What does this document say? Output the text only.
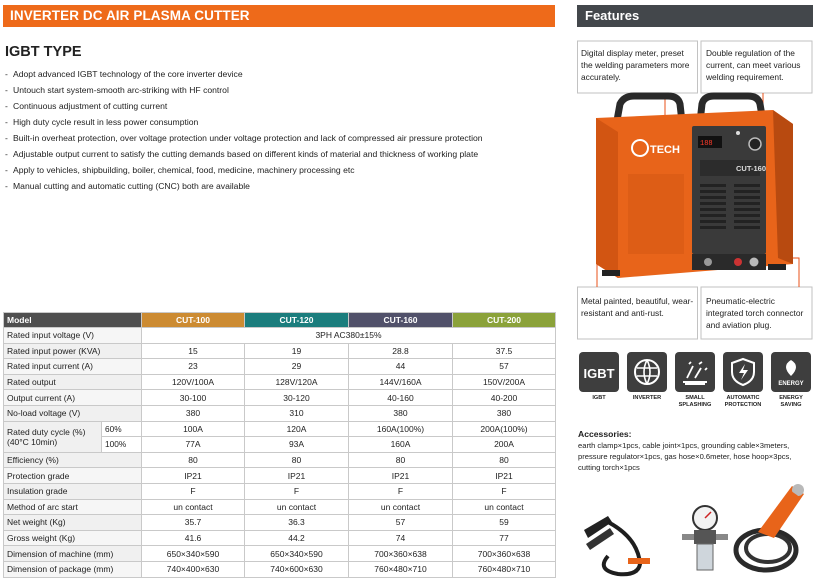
INVERTER DC AIR PLASMA CUTTER
IGBT TYPE
- Adopt advanced IGBT technology of the core inverter device
- Untouch start system-smooth arc-striking with HF control
- Continuous adjustment of cutting current
- High duty cycle result in less power consumption
- Built-in overheat protection, over voltage protection under voltage protection and lack of compressed air pressure protection
- Adjustable output current to satisfy the cutting demands based on different kinds of material and thickness of working plate
- Apply to vehicles, shipbuilding, boiler, chemical, food, medicine, machinery processing etc
- Manual cutting and automatic cutting (CNC) both are available
Model		CUT-100	CUT-120	CUT-160	CUT-200
Rated input voltage (V)		3PH AC380±15%			
Rated input power (KVA)		15	19	28.8	37.5
Rated input current (A)		23	29	44	57
Rated output		120V/100A	128V/120A	144V/160A	150V/200A
Output current (A)		30-100	30-120	40-160	40-200
No-load voltage (V)		380	310	380	380
Rated duty cycle (%)
(40°C 10min)	60%	100A	120A	160A(100%)	200A(100%)
	100%	77A	93A	160A	200A
Efficiency (%)		80	80	80	80
Protection grade		IP21	IP21	IP21	IP21
Insulation grade		F	F	F	F
Method of arc start		un contact	un contact	un contact	un contact
Net weight (Kg)		35.7	36.3	57	59
Gross weight (Kg)		41.6	44.2	74	77
Dimension of machine (mm)		650×340×590	650×340×590	700×360×638	700×360×638
Dimension of package (mm)		740×400×630	740×600×630	760×480×710	760×480×710
Features
Digital display meter, preset the welding parameters more accurately.
Double regulation of the current, can meet various welding requirement.
Metal painted, beautiful, wear-resistant and anti-rust.
Pneumatic-electric integrated torch connector and aviation plug.
188
CUT-160
TECH
IGBT
IGBT	INVERTER	SMALL SPLASHING
AUTOMATIC PROTECTION
ENERGY
ENERGY SAVING
Accessories:
earth clamp×1pcs, cable joint×1pcs, grounding cable×3meters, pressure regulator×1pcs, gas hose×0.6meter, hose hoop×3pcs, cutting torch×1pcs
